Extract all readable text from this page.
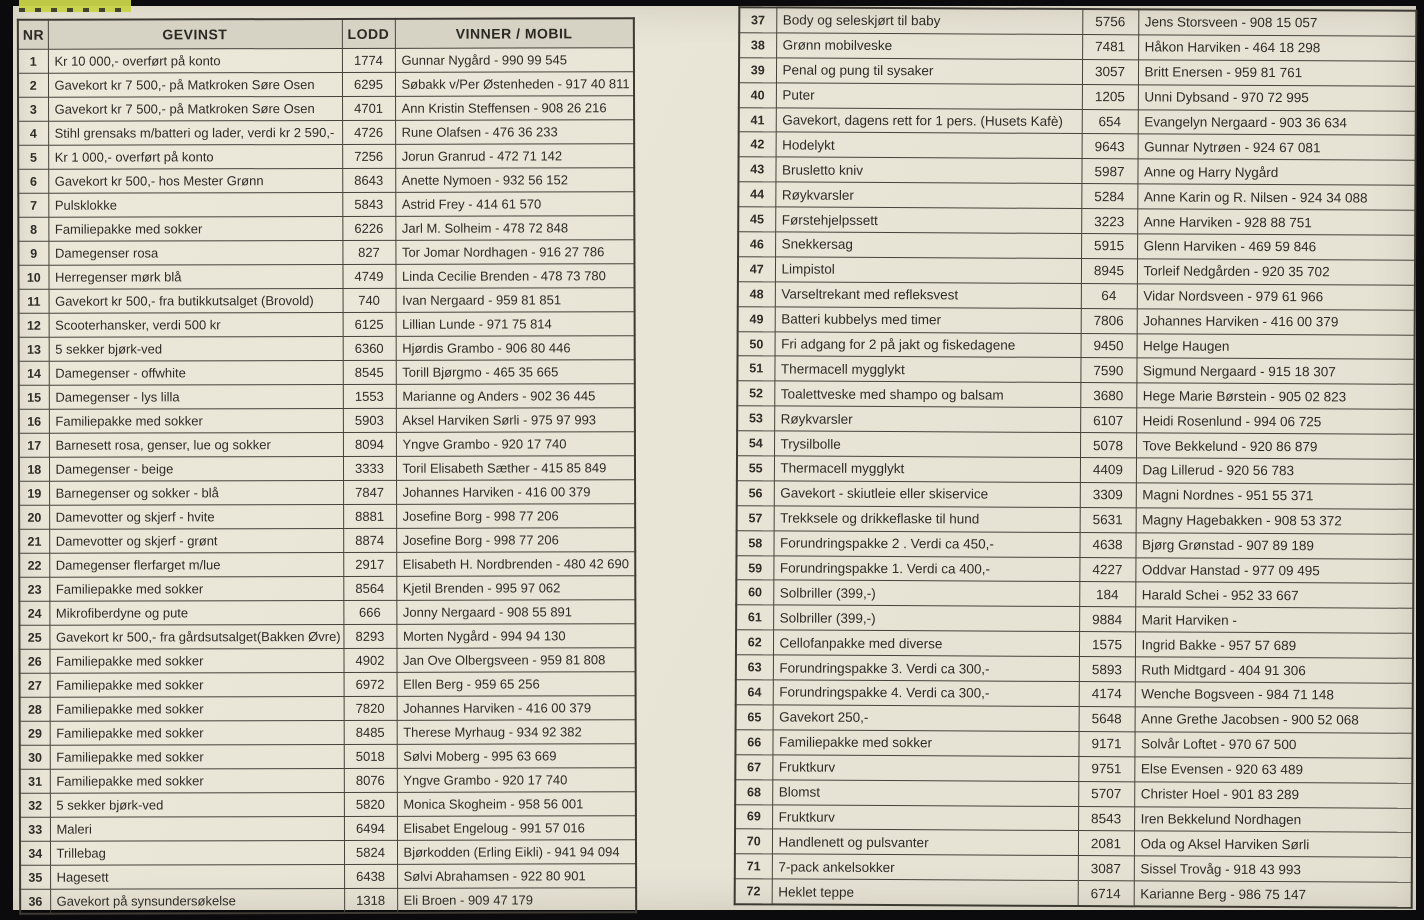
NR	GEVINST	LODD	VINNER / MOBIL
1	Kr 10 000,- overført på konto	1774	Gunnar Nygård - 990 99 545
2	Gavekort kr 7 500,- på Matkroken Søre Osen	6295	Søbakk v/Per Østenheden - 917 40 811
3	Gavekort kr 7 500,- på Matkroken Søre Osen	4701	Ann Kristin Steffensen - 908 26 216
4	Stihl grensaks m/batteri og lader, verdi kr 2 590,-	4726	Rune Olafsen - 476 36 233
5	Kr 1 000,- overført på konto	7256	Jorun Granrud - 472 71 142
6	Gavekort kr 500,- hos Mester Grønn	8643	Anette Nymoen - 932 56 152
7	Pulsklokke	5843	Astrid Frey - 414 61 570
8	Familiepakke med sokker	6226	Jarl M. Solheim - 478 72 848
9	Damegenser rosa	827	Tor Jomar Nordhagen - 916 27 786
10	Herregenser mørk blå	4749	Linda Cecilie Brenden - 478 73 780
11	Gavekort kr 500,- fra butikkutsalget (Brovold)	740	Ivan Nergaard - 959 81 851
12	Scooterhansker, verdi 500 kr	6125	Lillian Lunde - 971 75 814
13	5 sekker bjørk-ved	6360	Hjørdis Grambo - 906 80 446
14	Damegenser - offwhite	8545	Torill Bjørgmo - 465 35 665
15	Damegenser - lys lilla	1553	Marianne og Anders - 902 36 445
16	Familiepakke med sokker	5903	Aksel Harviken Sørli - 975 97 993
17	Barnesett rosa, genser, lue og sokker	8094	Yngve Grambo - 920 17 740
18	Damegenser - beige	3333	Toril Elisabeth Sæther - 415 85 849
19	Barnegenser og sokker - blå	7847	Johannes Harviken - 416 00 379
20	Damevotter og skjerf - hvite	8881	Josefine Borg - 998 77 206
21	Damevotter og skjerf - grønt	8874	Josefine Borg - 998 77 206
22	Damegenser flerfarget m/lue	2917	Elisabeth H. Nordbrenden - 480 42 690
23	Familiepakke med sokker	8564	Kjetil Brenden - 995 97 062
24	Mikrofiberdyne og pute	666	Jonny Nergaard - 908 55 891
25	Gavekort kr 500,- fra gårdsutsalget(Bakken Øvre)	8293	Morten Nygård - 994 94 130
26	Familiepakke med sokker	4902	Jan Ove Olbergsveen - 959 81 808
27	Familiepakke med sokker	6972	Ellen Berg - 959 65 256
28	Familiepakke med sokker	7820	Johannes Harviken - 416 00 379
29	Familiepakke med sokker	8485	Therese Myrhaug - 934 92 382
30	Familiepakke med sokker	5018	Sølvi Moberg - 995 63 669
31	Familiepakke med sokker	8076	Yngve Grambo - 920 17 740
32	5 sekker bjørk-ved	5820	Monica Skogheim - 958 56 001
33	Maleri	6494	Elisabet Engeloug - 991 57 016
34	Trillebag	5824	Bjørkodden (Erling Eikli) - 941 94 094
35	Hagesett	6438	Sølvi Abrahamsen - 922 80 901
36	Gavekort på synsundersøkelse	1318	Eli Broen - 909 47 179
37	Body og seleskjørt til baby	5756	Jens Storsveen - 908 15 057
38	Grønn mobilveske	7481	Håkon Harviken - 464 18 298
39	Penal og pung til sysaker	3057	Britt Enersen - 959 81 761
40	Puter	1205	Unni Dybsand - 970 72 995
41	Gavekort, dagens rett for 1 pers. (Husets Kafè)	654	Evangelyn Nergaard - 903 36 634
42	Hodelykt	9643	Gunnar Nytrøen - 924 67 081
43	Brusletto kniv	5987	Anne og Harry Nygård
44	Røykvarsler	5284	Anne Karin og R. Nilsen - 924 34 088
45	Førstehjelpssett	3223	Anne Harviken - 928 88 751
46	Snekkersag	5915	Glenn Harviken - 469 59 846
47	Limpistol	8945	Torleif Nedgården - 920 35 702
48	Varseltrekant med refleksvest	64	Vidar Nordsveen - 979 61 966
49	Batteri kubbelys med timer	7806	Johannes Harviken - 416 00 379
50	Fri adgang for 2 på jakt og fiskedagene	9450	Helge Haugen
51	Thermacell mygglykt	7590	Sigmund Nergaard - 915 18 307
52	Toalettveske med shampo og balsam	3680	Hege Marie Børstein - 905 02 823
53	Røykvarsler	6107	Heidi Rosenlund - 994 06 725
54	Trysilbolle	5078	Tove Bekkelund - 920 86 879
55	Thermacell mygglykt	4409	Dag Lillerud - 920 56 783
56	Gavekort - skiutleie eller skiservice	3309	Magni Nordnes - 951 55 371
57	Trekksele og drikkeflaske til hund	5631	Magny Hagebakken - 908 53 372
58	Forundringspakke 2 . Verdi ca 450,-	4638	Bjørg Grønstad - 907 89 189
59	Forundringspakke 1. Verdi ca 400,-	4227	Oddvar Hanstad - 977 09 495
60	Solbriller (399,-)	184	Harald Schei - 952 33 667
61	Solbriller (399,-)	9884	Marit Harviken -
62	Cellofanpakke med diverse	1575	Ingrid Bakke - 957 57 689
63	Forundringspakke 3. Verdi ca 300,-	5893	Ruth Midtgard - 404 91 306
64	Forundringspakke 4. Verdi ca 300,-	4174	Wenche Bogsveen - 984 71 148
65	Gavekort 250,-	5648	Anne Grethe Jacobsen - 900 52 068
66	Familiepakke med sokker	9171	Solvår Loftet - 970 67 500
67	Fruktkurv	9751	Else Evensen - 920 63 489
68	Blomst	5707	Christer Hoel - 901 83 289
69	Fruktkurv	8543	Iren Bekkelund Nordhagen
70	Handlenett og pulsvanter	2081	Oda og Aksel Harviken Sørli
71	7-pack ankelsokker	3087	Sissel Trovåg - 918 43 993
72	Heklet teppe	6714	Karianne Berg - 986 75 147
